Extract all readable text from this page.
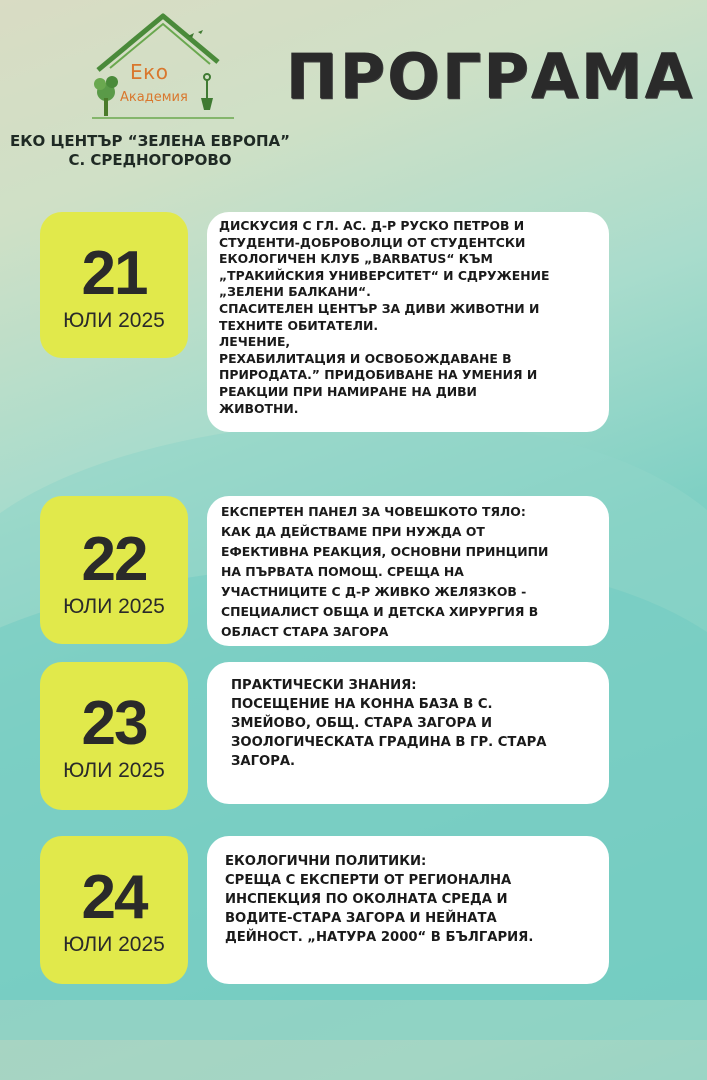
Еко
Академия
ЕКО ЦЕНТЪР “ЗЕЛЕНА ЕВРОПА”
С. СРЕДНОГОРОВО
ПРОГРАМА
21
ЮЛИ 2025

ДИСКУСИЯ С ГЛ. АС. Д-Р РУСКО ПЕТРОВ И
СТУДЕНТИ-ДОБРОВОЛЦИ ОТ СТУДЕНТСКИ
ЕКОЛОГИЧЕН КЛУБ „BARBATUS“ КЪМ
„ТРАКИЙСКИЯ УНИВЕРСИТЕТ“ И СДРУЖЕНИЕ
„ЗЕЛЕНИ БАЛКАНИ“.
СПАСИТЕЛЕН ЦЕНТЪР ЗА ДИВИ ЖИВОТНИ И
ТЕХНИТЕ ОБИТАТЕЛИ.
ЛЕЧЕНИЕ,
РЕХАБИЛИТАЦИЯ И ОСВОБОЖДАВАНЕ В
ПРИРОДАТА.” ПРИДОБИВАНЕ НА УМЕНИЯ И
РЕАКЦИИ ПРИ НАМИРАНЕ НА ДИВИ
ЖИВОТНИ.

22
ЮЛИ 2025

ЕКСПЕРТЕН ПАНЕЛ ЗА ЧОВЕШКОТО ТЯЛО:
КАК ДА ДЕЙСТВАМЕ ПРИ НУЖДА ОТ
ЕФЕКТИВНА РЕАКЦИЯ, ОСНОВНИ ПРИНЦИПИ
НА ПЪРВАТА ПОМОЩ. СРЕЩА НА
УЧАСТНИЦИТЕ С Д-Р ЖИВКО ЖЕЛЯЗКОВ -
СПЕЦИАЛИСТ ОБЩА И ДЕТСКА ХИРУРГИЯ В
ОБЛАСТ СТАРА ЗАГОРА

23
ЮЛИ 2025

ПРАКТИЧЕСКИ ЗНАНИЯ:
ПОСЕЩЕНИЕ НА КОННА БАЗА В С.
ЗМЕЙОВО, ОБЩ. СТАРА ЗАГОРА И
ЗООЛОГИЧЕСКАТА ГРАДИНА В ГР. СТАРА
ЗАГОРА.

24
ЮЛИ 2025

ЕКОЛОГИЧНИ ПОЛИТИКИ:
СРЕЩА С ЕКСПЕРТИ ОТ РЕГИОНАЛНА
ИНСПЕКЦИЯ ПО ОКОЛНАТА СРЕДА И
ВОДИТЕ-СТАРА ЗАГОРА И НЕЙНАТА
ДЕЙНОСТ. „НАТУРА 2000“ В БЪЛГАРИЯ.
